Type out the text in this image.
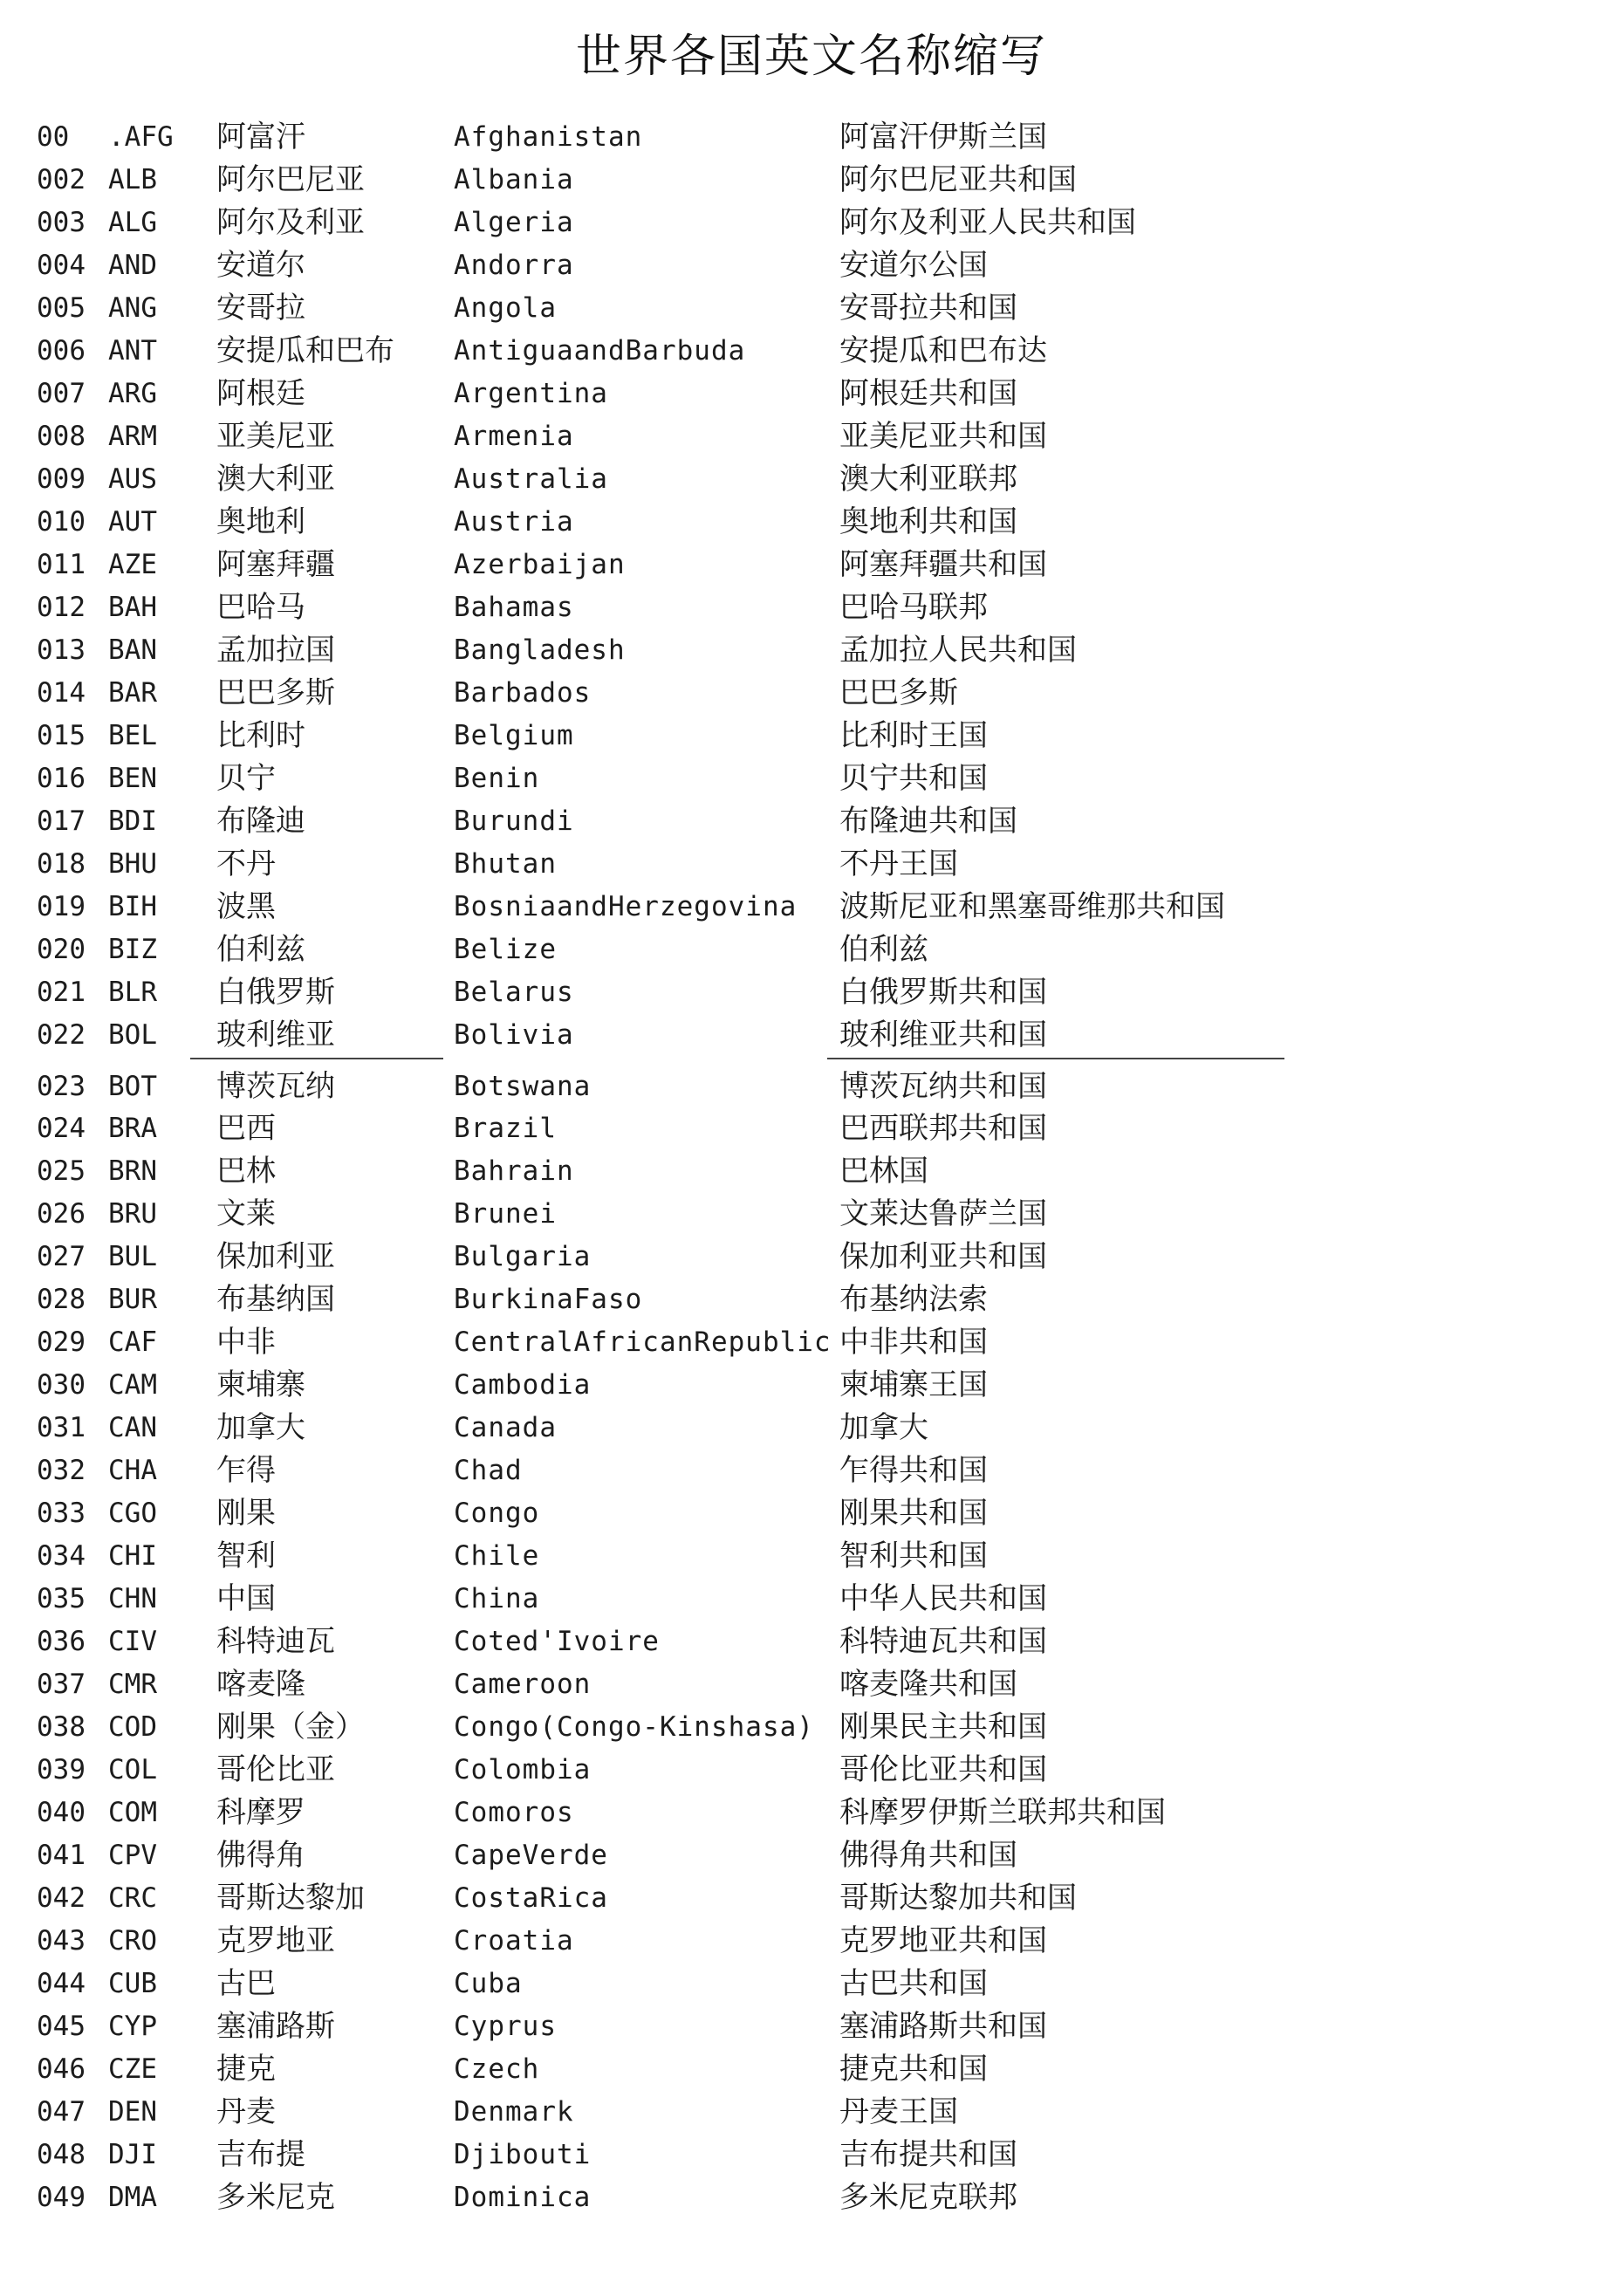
世界各国英文名称缩写
00 .AFG 阿富汗	Afghanistan	阿富汗伊斯兰国
002 ALB 阿尔巴尼亚	Albania	阿尔巴尼亚共和国
003 ALG 阿尔及利亚	Algeria	阿尔及利亚人民共和国
004 AND 安道尔	Andorra	安道尔公国
005 ANG 安哥拉	Angola	安哥拉共和国
006 ANT 安提瓜和巴布 AntiguaandBarbuda	安提瓜和巴布达
007 ARG 阿根廷	Argentina	阿根廷共和国
008 ARM 亚美尼亚	Armenia	亚美尼亚共和国
009 AUS 澳大利亚	Australia	澳大利亚联邦
010 AUT 奥地利	Austria	奥地利共和国
011 AZE 阿塞拜疆	Azerbaijan	阿塞拜疆共和国
012 BAH 巴哈马	Bahamas	巴哈马联邦
013 BAN 孟加拉国	Bangladesh	孟加拉人民共和国
014 BAR 巴巴多斯	Barbados	巴巴多斯
015 BEL 比利时	Belgium	比利时王国
016 BEN 贝宁	Benin	贝宁共和国
017 BDI 布隆迪	Burundi	布隆迪共和国
018 BHU 不丹	Bhutan	不丹王国
019 BIH 波黑	BosniaandHerzegovina 波斯尼亚和黑塞哥维那共和国
020 BIZ 伯利兹	Belize	伯利兹
021 BLR 白俄罗斯	Belarus	白俄罗斯共和国
022 BOL 玻利维亚	Bolivia	玻利维亚共和国
023 BOT 博茨瓦纳	Botswana	博茨瓦纳共和国
024 BRA 巴西	Brazil	巴西联邦共和国
025 BRN 巴林	Bahrain	巴林国
026 BRU 文莱	Brunei	文莱达鲁萨兰国
027 BUL 保加利亚	Bulgaria	保加利亚共和国
028 BUR 布基纳国	BurkinaFaso	布基纳法索
029 CAF 中非	CentralAfricanRepublic 中非共和国
030 CAM 柬埔寨	Cambodia	柬埔寨王国
031 CAN 加拿大	Canada	加拿大
032 CHA 乍得	Chad	乍得共和国
033 CGO 刚果	Congo	刚果共和国
034 CHI 智利	Chile	智利共和国
035 CHN 中国	China	中华人民共和国
036 CIV 科特迪瓦	Coted'Ivoire	科特迪瓦共和国
037 CMR 喀麦隆	Cameroon	喀麦隆共和国
038 COD 刚果（金）	Congo(Congo-Kinshasa) 刚果民主共和国
039 COL 哥伦比亚	Colombia	哥伦比亚共和国
040 COM 科摩罗	Comoros	科摩罗伊斯兰联邦共和国
041 CPV 佛得角	CapeVerde	佛得角共和国
042 CRC 哥斯达黎加	CostaRica	哥斯达黎加共和国
043 CRO 克罗地亚	Croatia	克罗地亚共和国
044 CUB 古巴	Cuba	古巴共和国
045 CYP 塞浦路斯	Cyprus	塞浦路斯共和国
046 CZE 捷克	Czech	捷克共和国
047 DEN 丹麦	Denmark	丹麦王国
048 DJI 吉布提	Djibouti	吉布提共和国
049 DMA 多米尼克	Dominica	多米尼克联邦
